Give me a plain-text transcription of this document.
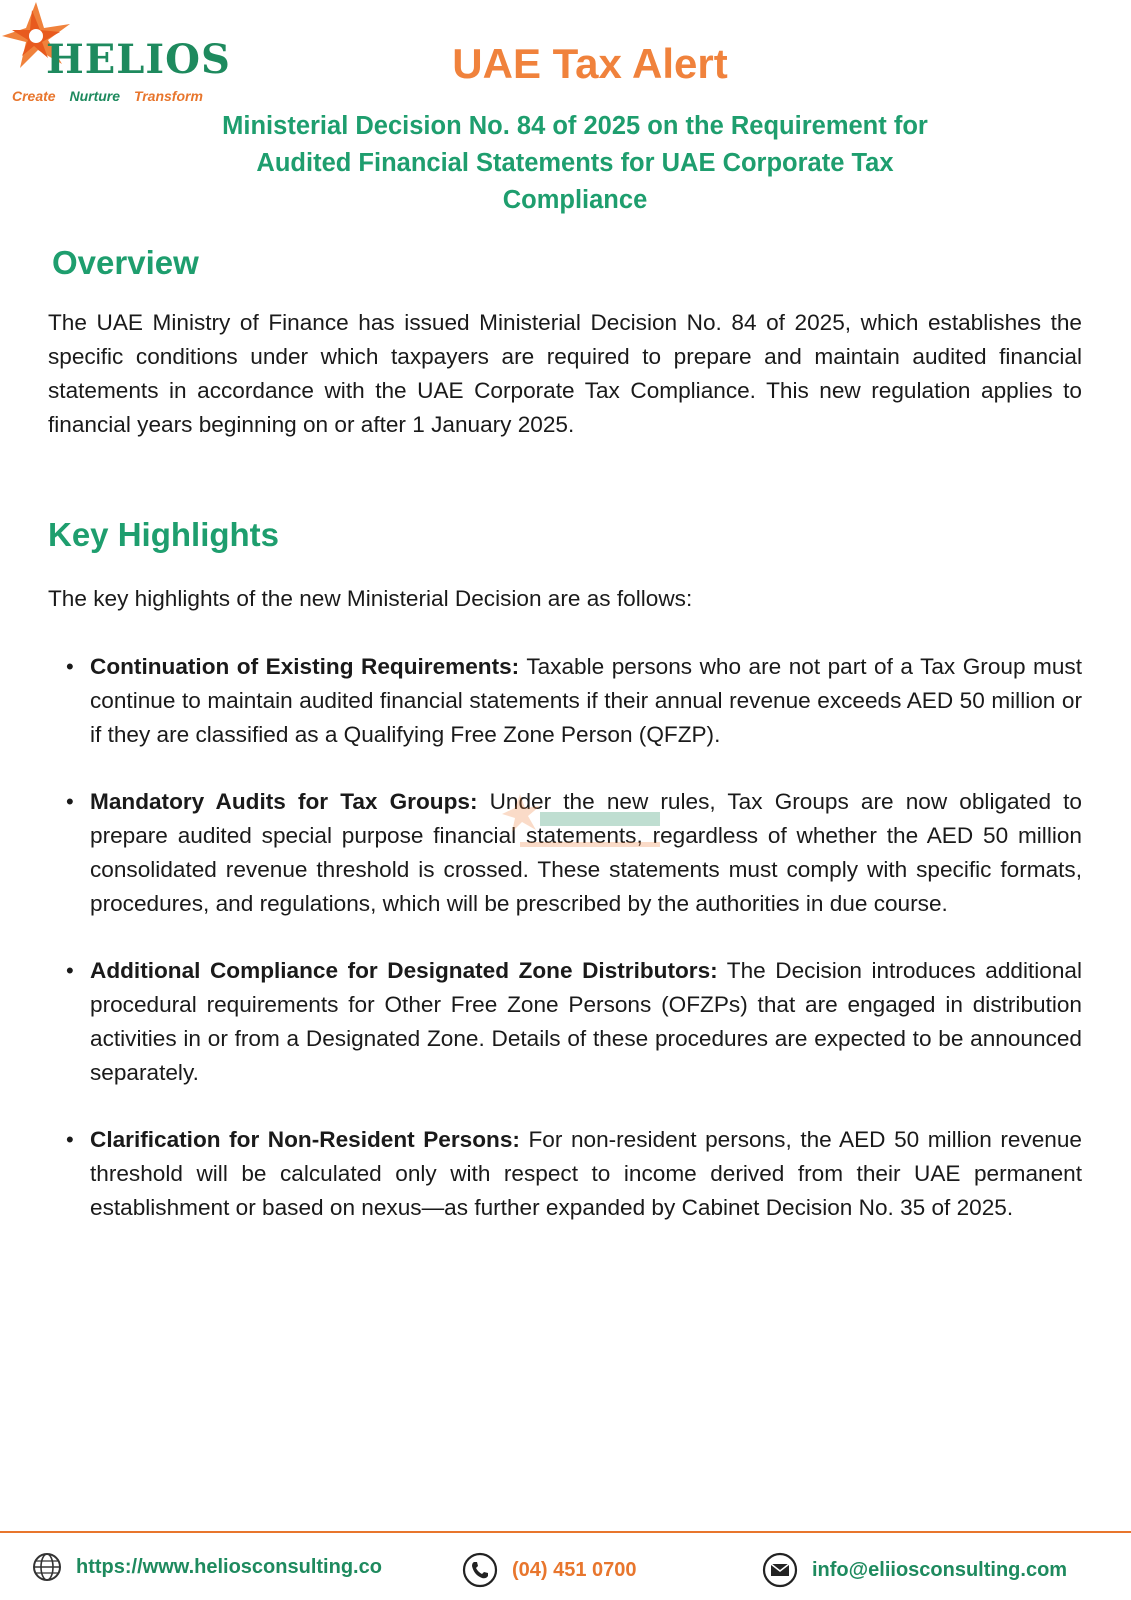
HELIOS
Create Nurture Transform
UAE Tax Alert
Ministerial Decision No. 84 of 2025 on the Requirement for Audited Financial Statements for UAE Corporate Tax Compliance
Overview

The UAE Ministry of Finance has issued Ministerial Decision No. 84 of 2025, which establishes the specific conditions under which taxpayers are required to prepare and maintain audited financial statements in accordance with the UAE Corporate Tax Compliance. This new regulation applies to financial years beginning on or after 1 January 2025.

Key Highlights

The key highlights of the new Ministerial Decision are as follows:

• Continuation of Existing Requirements: Taxable persons who are not part of a Tax Group must continue to maintain audited financial statements if their annual revenue exceeds AED 50 million or if they are classified as a Qualifying Free Zone Person (QFZP).
• Mandatory Audits for Tax Groups: Under the new rules, Tax Groups are now obligated to prepare audited special purpose financial statements, regardless of whether the AED 50 million consolidated revenue threshold is crossed. These statements must comply with specific formats, procedures, and regulations, which will be prescribed by the authorities in due course.
• Additional Compliance for Designated Zone Distributors: The Decision introduces additional procedural requirements for Other Free Zone Persons (OFZPs) that are engaged in distribution activities in or from a Designated Zone. Details of these procedures are expected to be announced separately.
• Clarification for Non-Resident Persons: For non-resident persons, the AED 50 million revenue threshold will be calculated only with respect to income derived from their UAE permanent establishment or based on nexus—as further expanded by Cabinet Decision No. 35 of 2025.
https://www.heliosconsulting.co	(04) 451 0700	info@eliiosconsulting.com
